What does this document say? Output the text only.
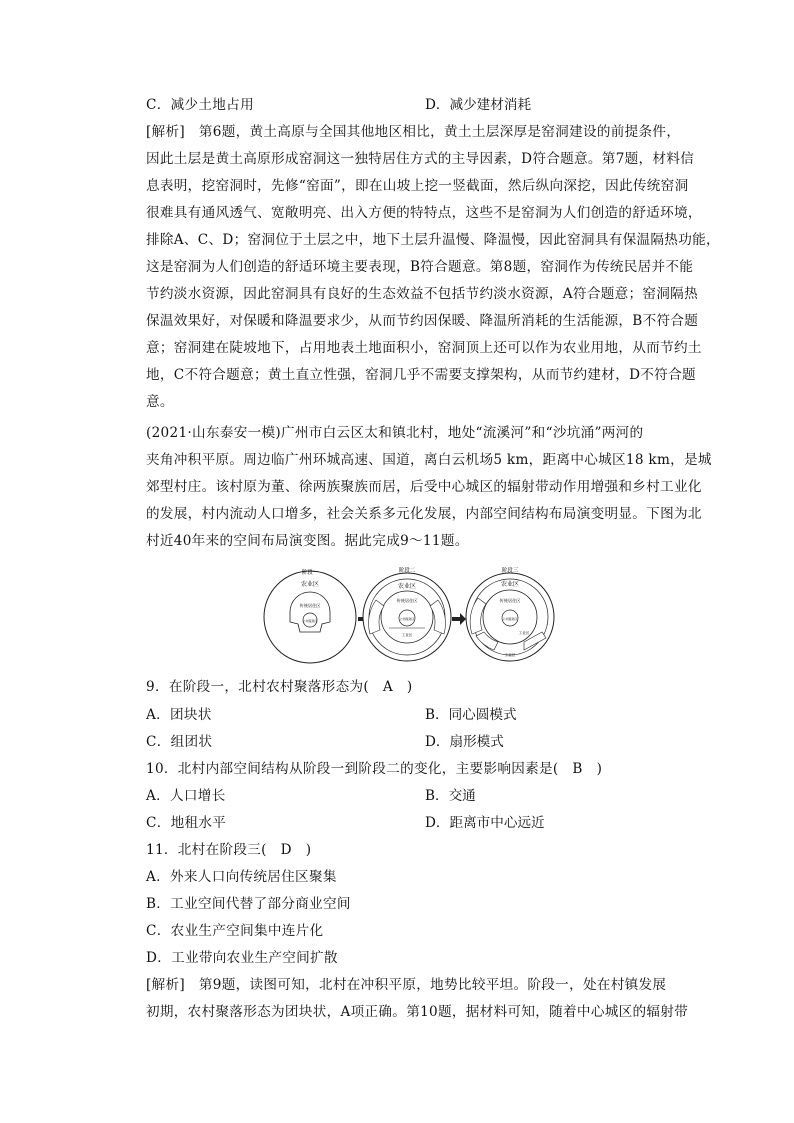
C．减少土地占用	D．减少建材消耗
[解析]　第6题，黄土高原与全国其他地区相比，黄土土层深厚是窑洞建设的前提条件，
因此土层是黄土高原形成窑洞这一独特居住方式的主导因素，D符合题意。第7题，材料信
息表明，挖窑洞时，先修“窑面”，即在山坡上挖一竖截面，然后纵向深挖，因此传统窑洞
很难具有通风透气、宽敞明亮、出入方便的特特点，这些不是窑洞为人们创造的舒适环境，
排除A、C、D；窑洞位于土层之中，地下土层升温慢、降温慢，因此窑洞具有保温隔热功能，
这是窑洞为人们创造的舒适环境主要表现，B符合题意。第8题，窑洞作为传统民居并不能
节约淡水资源，因此窑洞具有良好的生态效益不包括节约淡水资源，A符合题意；窑洞隔热
保温效果好，对保暖和降温要求少，从而节约因保暖、降温所消耗的生活能源，B不符合题
意；窑洞建在陡坡地下，占用地表土地面积小，窑洞顶上还可以作为农业用地，从而节约土
地，C不符合题意；黄土直立性强，窑洞几乎不需要支撑架构，从而节约建材，D不符合题
意。
(2021·山东泰安一模)广州市白云区太和镇北村，地处“流溪河”和“沙坑涌”两河的
夹角冲积平原。周边临广州环城高速、国道，离白云机场5 km，距离中心城区18 km，是城
郊型村庄。该村原为董、徐两族聚族而居，后受中心城区的辐射带动作用增强和乡村工业化
的发展，村内流动人口增多，社会关系多元化发展，内部空间结构布局演变明显。下图为北
村近40年来的空间布局演变图。据此完成9～11题。
阶段一
农业区
传统居住区
公共服务区
阶段二
农业区
传统居住区
公共服务区
工业区
阶段三
农业区
传统居住区
公共服务区
工业区
工业区
9．在阶段一，北村农村聚落形态为(　A　)
A．团块状	B．同心圆模式
C．组团状	D．扇形模式
10．北村内部空间结构从阶段一到阶段二的变化，主要影响因素是(　B　)
A．人口增长	B．交通
C．地租水平	D．距离市中心远近
11．北村在阶段三(　D　)
A．外来人口向传统居住区聚集
B．工业空间代替了部分商业空间
C．农业生产空间集中连片化
D．工业带向农业生产空间扩散
[解析]　第9题，读图可知，北村在冲积平原，地势比较平坦。阶段一，处在村镇发展
初期，农村聚落形态为团块状，A项正确。第10题，据材料可知，随着中心城区的辐射带
